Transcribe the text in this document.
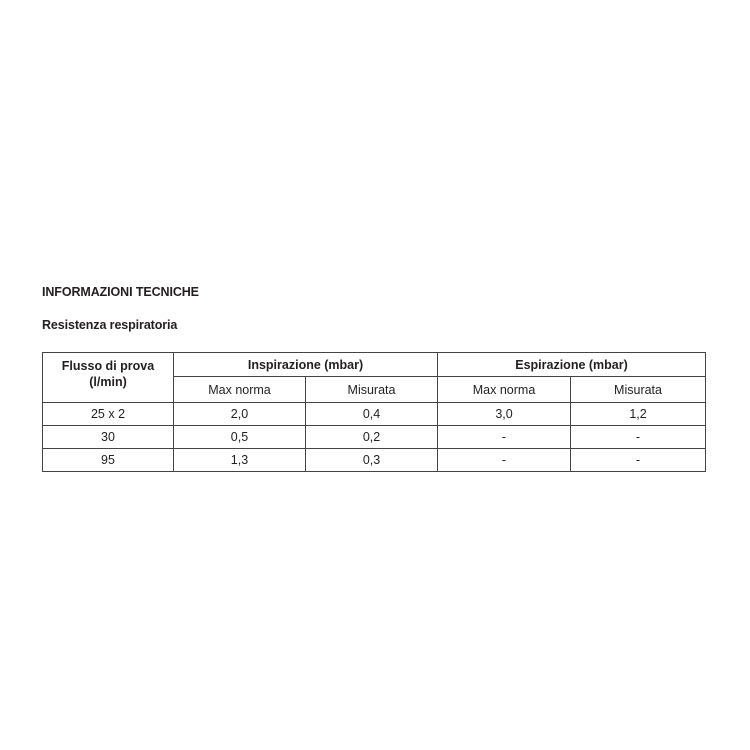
INFORMAZIONI TECNICHE
Resistenza respiratoria
Flusso di prova
(l/min)	Inspirazione (mbar)		Espirazione (mbar)	
	Max norma	Misurata	Max norma	Misurata
25 x 2	2,0	0,4	3,0	1,2
30	0,5	0,2	-	-
95	1,3	0,3	-	-
